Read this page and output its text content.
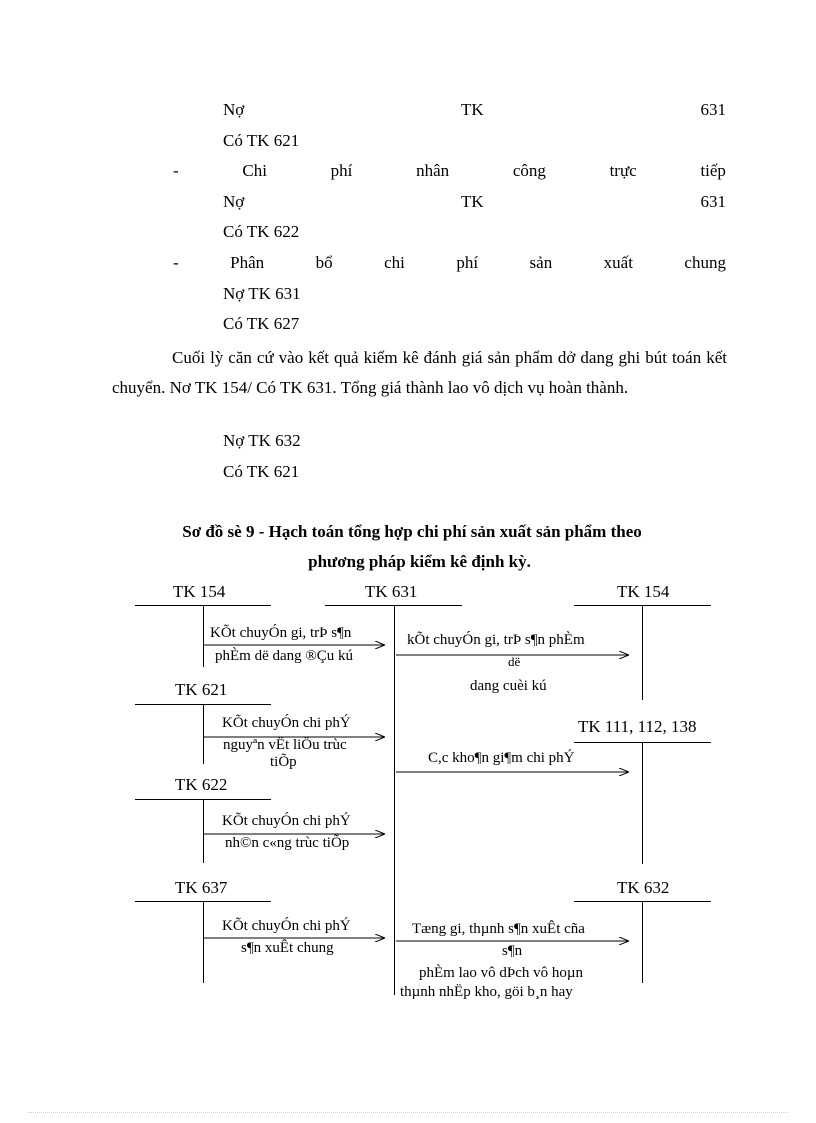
Nợ	TK	631
Có TK 621
-	Chi	phí	nhân	công	trực	tiếp
Nợ	TK	631
Có TK 622
-	Phân	bổ	chi	phí	sản	xuất	chung
Nợ TK 631
Có TK 627
Cuối lỳ căn cứ vào kết quả kiểm kê đánh giá sản phẩm dở dang ghi bút toán kết chuyển. Nơ TK 154/ Có TK 631. Tổng giá thành lao vô dịch vụ hoàn thành.
Nợ TK 632
Có TK 621
Sơ đồ sè 9 - Hạch toán tổng hợp chi phí sản xuất sản phẩm theo
phương pháp kiểm kê định kỳ.
TK 154	TK 631	TK 154
TK 621
TK 111, 112, 138
TK 622
TK 637	TK 632
KÕt chuyÓn gi, trÞ s¶n
phÈm dë dang ®Çu kú
kÕt chuyÓn gi, trÞ s¶n phÈm
dë
dang cuèi kú
KÕt chuyÓn chi phÝ
nguyªn vËt liÖu trùc
tiÕp	C,c kho¶n gi¶m chi phÝ
KÕt chuyÓn chi phÝ
nh©n c«ng trùc tiÕp
KÕt chuyÓn chi phÝ
s¶n xuÊt chung
Tæng gi, thµnh s¶n xuÊt cña
s¶n
phÈm lao vô dÞch vô hoµn
thµnh nhËp kho, göi b¸n hay
